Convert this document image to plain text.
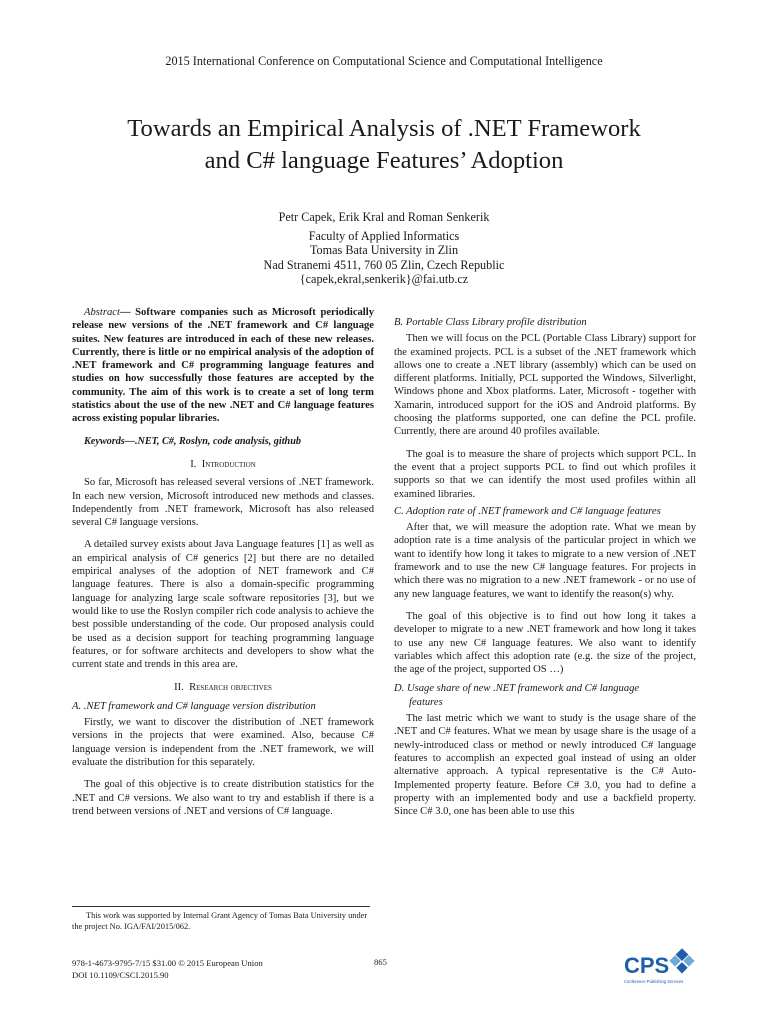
2015 International Conference on Computational Science and Computational Intelligence
Towards an Empirical Analysis of .NET Framework
and C# language Features’ Adoption
Petr Capek, Erik Kral and Roman Senkerik
Faculty of Applied Informatics
Tomas Bata University in Zlin
Nad Stranemi 4511, 760 05 Zlin, Czech Republic
{capek,ekral,senkerik}@fai.utb.cz

Abstract— Software companies such as Microsoft periodically release new versions of the .NET framework and C# language suites. New features are introduced in each of these new releases. Currently, there is little or no empirical analysis of the adoption of .NET framework and C# programming language features and studies on how successfully those features are accepted by the community. The aim of this work is to create a set of long term statistics about the use of the new .NET and C# language features across existing popular libraries.

Keywords—.NET, C#, Roslyn, code analysis, github

I. Introduction

So far, Microsoft has released several versions of .NET framework. In each new version, Microsoft introduced new methods and classes. Independently from .NET framework, Microsoft has also released several C# language versions.

A detailed survey exists about Java Language features [1] as well as an empirical analysis of C# generics [2] but there are no detailed empirical analyses of the adoption of NET framework and C# language features. There is also a domain-specific programming language for analyzing large scale software repositories [3], but we would like to use the Roslyn compiler rich code analysis to achieve the best possible understanding of the code. Our proposed analysis could be used as a decision support for teaching programming language features, or for software architects and developers to show what the current state and trends in this area are.

II. Research objectives
A. .NET framework and C# language version distribution

Firstly, we want to discover the distribution of .NET framework versions in the projects that were examined. Also, because C# language version is independent from the .NET framework, we will evaluate the distribution for this separately.

The goal of this objective is to create distribution statistics for the .NET and C# versions. We also want to try and establish if there is a trend between versions of .NET and versions of C# language.

B. Portable Class Library profile distribution

Then we will focus on the PCL (Portable Class Library) support for the examined projects. PCL is a subset of the .NET framework which allows one to create a .NET library (assembly) which can be used on different platforms. Initially, PCL supported the Windows, Silverlight, Windows phone and Xbox platforms. Later, Microsoft - together with Xamarin, introduced support for the iOS and Android platforms. By choosing the platforms supported, one can define the PCL profile. Currently, there are around 40 profiles available.

The goal is to measure the share of projects which support PCL. In the event that a project supports PCL to find out which profiles it supports so that we can identify the most used profiles within all examined libraries.

C. Adoption rate of .NET framework and C# language features

After that, we will measure the adoption rate. What we mean by adoption rate is a time analysis of the particular project in which we want to identify how long it takes to migrate to a new version of .NET framework and to use the new C# language features. For projects in which there was no migration to a new .NET framework - or no use of any new language features, we want to identify the reason(s) why.

The goal of this objective is to find out how long it takes a developer to migrate to a new .NET framework and how long it takes to use any new C# language features. We also want to identify variables which affect this adoption rate (e.g. the size of the project, the age of the project, supported OS …)

D. Usage share of new .NET framework and C# language
features

The last metric which we want to study is the usage share of the .NET and C# features. What we mean by usage share is the usage of a newly-introduced class or method or newly introduced C# language features to accomplish an expected goal instead of using an older alternative approach. A typical representative is the C# Auto-Implemented property feature. Before C# 3.0, you had to define a property with an implemented body and use a backfield property. Since C# 3.0, one has been able to use this

This work was supported by Internal Grant Agency of Tomas Bata University under the project No. IGA/FAI/2015/062.
978-1-4673-9795-7/15 $31.00 © 2015 European Union
DOI 10.1109/CSCI.2015.90
865	CPS
Conference Publishing Services
